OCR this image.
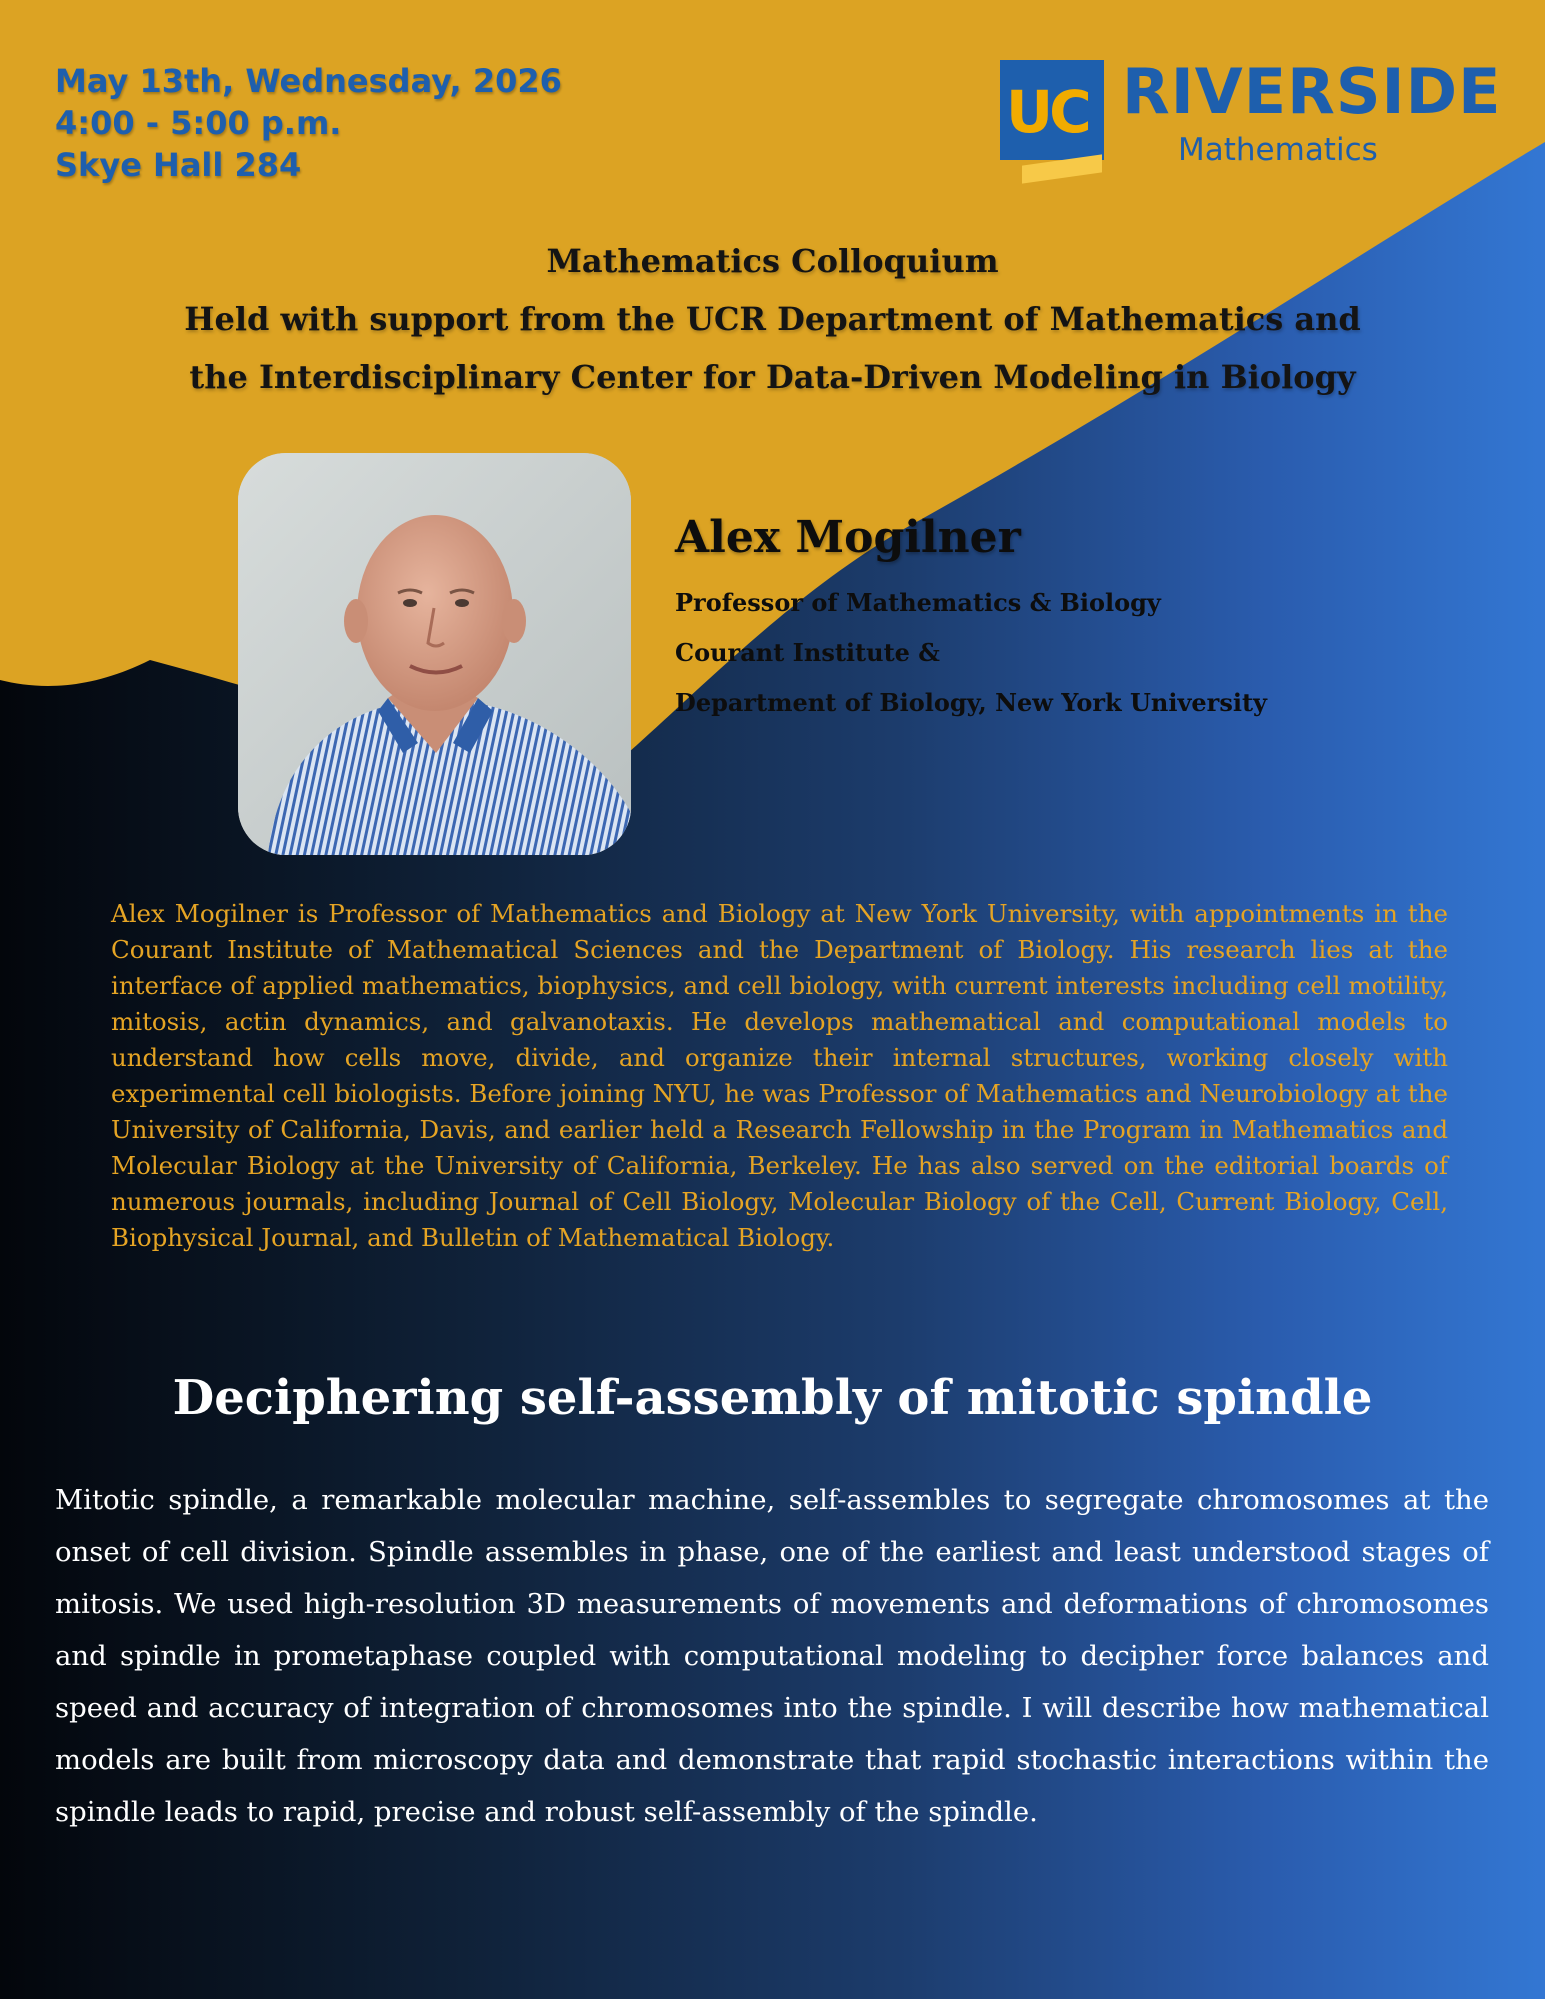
May 13th, Wednesday, 2026
4:00 - 5:00 p.m.
Skye Hall 284
UC RIVERSIDE
Mathematics
Mathematics Colloquium
Held with support from the UCR Department of Mathematics and
the Interdisciplinary Center for Data-Driven Modeling in Biology
Alex Mogilner
Professor of Mathematics & Biology
Courant Institute &
Department of Biology, New York University

Alex Mogilner is Professor of Mathematics and Biology at New York University, with appointments in the Courant Institute of Mathematical Sciences and the Department of Biology. His research lies at the interface of applied mathematics, biophysics, and cell biology, with current interests including cell motility, mitosis, actin dynamics, and galvanotaxis. He develops mathematical and computational models to understand how cells move, divide, and organize their internal structures, working closely with experimental cell biologists. Before joining NYU, he was Professor of Mathematics and Neurobiology at the University of California, Davis, and earlier held a Research Fellowship in the Program in Mathematics and Molecular Biology at the University of California, Berkeley. He has also served on the editorial boards of numerous journals, including Journal of Cell Biology, Molecular Biology of the Cell, Current Biology, Cell, Biophysical Journal, and Bulletin of Mathematical Biology.

Deciphering self-assembly of mitotic spindle

Mitotic spindle, a remarkable molecular machine, self-assembles to segregate chromosomes at the onset of cell division. Spindle assembles in phase, one of the earliest and least understood stages of mitosis. We used high-resolution 3D measurements of movements and deformations of chromosomes and spindle in prometaphase coupled with computational modeling to decipher force balances and speed and accuracy of integration of chromosomes into the spindle. I will describe how mathematical models are built from microscopy data and demonstrate that rapid stochastic interactions within the spindle leads to rapid, precise and robust self-assembly of the spindle.
